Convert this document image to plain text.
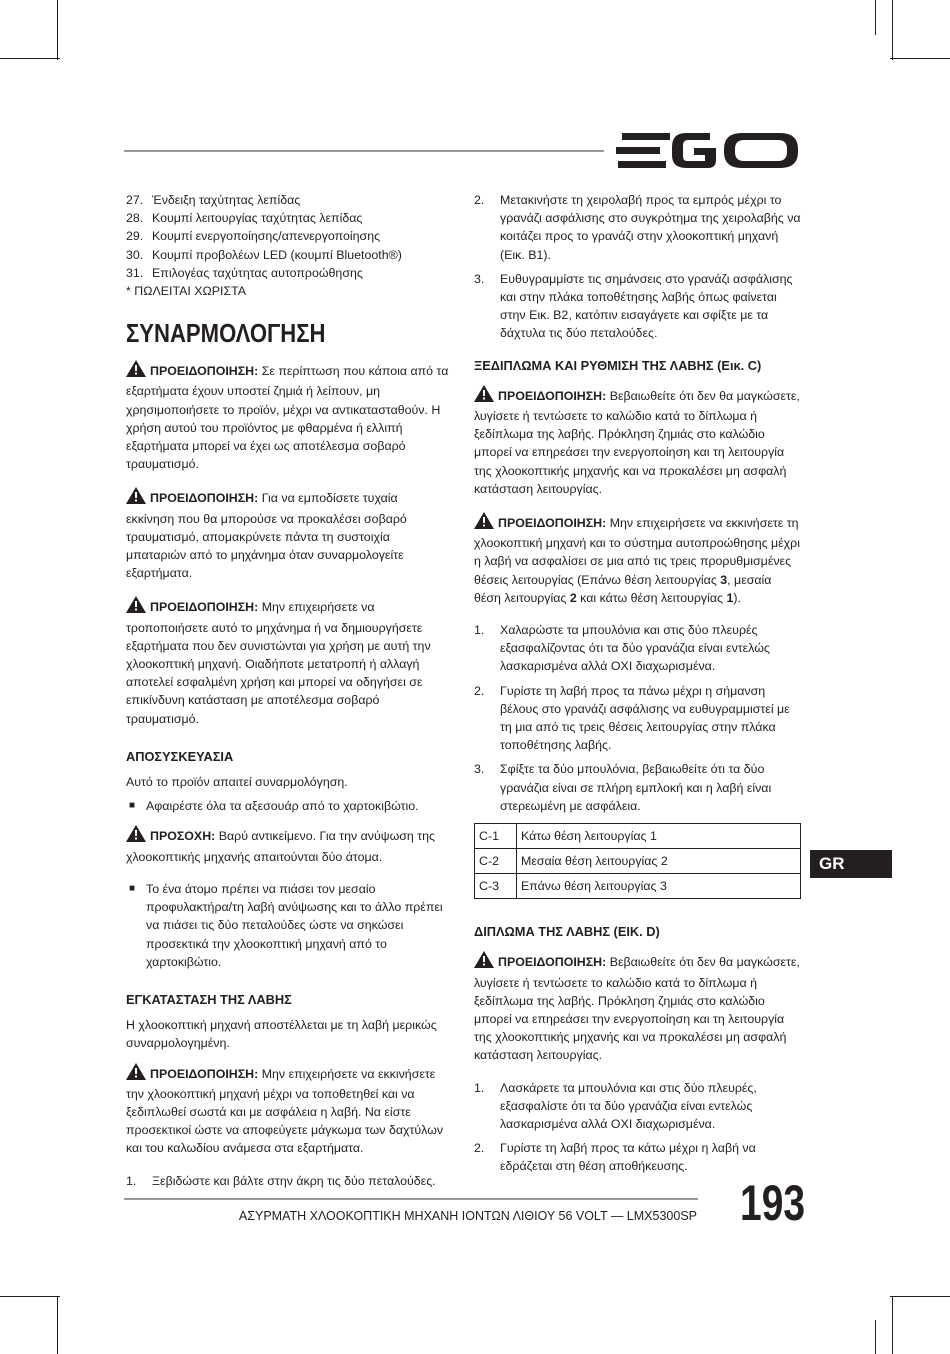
27. Ένδειξη ταχύτητας λεπίδας
28. Κουμπί λειτουργίας ταχύτητας λεπίδας
29. Κουμπί ενεργοποίησης/απενεργοποίησης
30. Κουμπί προβολέων LED (κουμπί Bluetooth®)
31. Επιλογέας ταχύτητας αυτοπροώθησης

* ΠΩΛΕΙΤΑΙ ΧΩΡΙΣΤΑ

ΣΥΝΑΡΜΟΛΟΓΗΣΗ

ΠΡΟΕΙΔΟΠΟΙΗΣΗ: Σε περίπτωση που κάποια από τα εξαρτήματα έχουν υποστεί ζημιά ή λείπουν, μη χρησιμοποιήσετε το προϊόν, μέχρι να αντικατασταθούν. Η χρήση αυτού του προϊόντος με φθαρμένα ή ελλιπή εξαρτήματα μπορεί να έχει ως αποτέλεσμα σοβαρό τραυματισμό.

ΠΡΟΕΙΔΟΠΟΙΗΣΗ: Για να εμποδίσετε τυχαία εκκίνηση που θα μπορούσε να προκαλέσει σοβαρό τραυματισμό, απομακρύνετε πάντα τη συστοιχία μπαταριών από το μηχάνημα όταν συναρμολογείτε εξαρτήματα.

ΠΡΟΕΙΔΟΠΟΙΗΣΗ: Μην επιχειρήσετε να τροποποιήσετε αυτό το μηχάνημα ή να δημιουργήσετε εξαρτήματα που δεν συνιστώνται για χρήση με αυτή την χλοοκοπτική μηχανή. Οιαδήποτε μετατροπή ή αλλαγή αποτελεί εσφαλμένη χρήση και μπορεί να οδηγήσει σε επικίνδυνη κατάσταση με αποτέλεσμα σοβαρό τραυματισμό.

ΑΠΟΣΥΣΚΕΥΑΣΙΑ

Αυτό το προϊόν απαιτεί συναρμολόγηση.

■ Αφαιρέστε όλα τα αξεσουάρ από το χαρτοκιβώτιο.

ΠΡΟΣΟΧΗ: Βαρύ αντικείμενο. Για την ανύψωση της χλοοκοπτικής μηχανής απαιτούνται δύο άτομα.

■ Το ένα άτομο πρέπει να πιάσει τον μεσαίο προφυλακτήρα/τη λαβή ανύψωσης και το άλλο πρέπει να πιάσει τις δύο πεταλούδες ώστε να σηκώσει προσεκτικά την χλοοκοπτική μηχανή από το χαρτοκιβώτιο.
ΕΓΚΑΤΑΣΤΑΣΗ ΤΗΣ ΛΑΒΗΣ

Η χλοοκοπτική μηχανή αποστέλλεται με τη λαβή μερικώς συναρμολογημένη.

ΠΡΟΕΙΔΟΠΟΙΗΣΗ: Μην επιχειρήσετε να εκκινήσετε την χλοοκοπτική μηχανή μέχρι να τοποθετηθεί και να ξεδιπλωθεί σωστά και με ασφάλεια η λαβή. Να είστε προσεκτικοί ώστε να αποφεύγετε μάγκωμα των δαχτύλων και του καλωδίου ανάμεσα στα εξαρτήματα.

1.	Ξεβιδώστε και βάλτε στην άκρη τις δύο πεταλούδες.
2.	Μετακινήστε τη χειρολαβή προς τα εμπρός μέχρι το γρανάζι ασφάλισης στο συγκρότημα της χειρολαβής να κοιτάζει προς το γρανάζι στην χλοοκοπτική μηχανή (Εικ. B1).
3.	Ευθυγραμμίστε τις σημάνσεις στο γρανάζι ασφάλισης και στην πλάκα τοποθέτησης λαβής όπως φαίνεται στην Εικ. B2, κατόπιν εισαγάγετε και σφίξτε με τα δάχτυλα τις δύο πεταλούδες.
ΞΕΔΙΠΛΩΜΑ ΚΑΙ ΡΥΘΜΙΣΗ ΤΗΣ ΛΑΒΗΣ (Εικ. C)

ΠΡΟΕΙΔΟΠΟΙΗΣΗ: Βεβαιωθείτε ότι δεν θα μαγκώσετε, λυγίσετε ή τεντώσετε το καλώδιο κατά το δίπλωμα ή ξεδίπλωμα της λαβής. Πρόκληση ζημιάς στο καλώδιο μπορεί να επηρεάσει την ενεργοποίηση και τη λειτουργία της χλοοκοπτικής μηχανής και να προκαλέσει μη ασφαλή κατάσταση λειτουργίας.

ΠΡΟΕΙΔΟΠΟΙΗΣΗ: Μην επιχειρήσετε να εκκινήσετε τη χλοοκοπτική μηχανή και το σύστημα αυτοπροώθησης μέχρι η λαβή να ασφαλίσει σε μια από τις τρεις προρυθμισμένες θέσεις λειτουργίας (Επάνω θέση λειτουργίας 3, μεσαία θέση λειτουργίας 2 και κάτω θέση λειτουργίας 1).

1.	Χαλαρώστε τα μπουλόνια και στις δύο πλευρές εξασφαλίζοντας ότι τα δύο γρανάζια είναι εντελώς λασκαρισμένα αλλά ΟΧΙ διαχωρισμένα.
2.	Γυρίστε τη λαβή προς τα πάνω μέχρι η σήμανση βέλους στο γρανάζι ασφάλισης να ευθυγραμμιστεί με τη μια από τις τρεις θέσεις λειτουργίας στην πλάκα τοποθέτησης λαβής.
3.	Σφίξτε τα δύο μπουλόνια, βεβαιωθείτε ότι τα δύο γρανάζια είναι σε πλήρη εμπλοκή και η λαβή είναι στερεωμένη με ασφάλεια.
C-1	Κάτω θέση λειτουργίας 1
C-2	Μεσαία θέση λειτουργίας 2
C-3	Επάνω θέση λειτουργίας 3
ΔΙΠΛΩΜΑ ΤΗΣ ΛΑΒΗΣ (ΕΙΚ. D)

ΠΡΟΕΙΔΟΠΟΙΗΣΗ: Βεβαιωθείτε ότι δεν θα μαγκώσετε, λυγίσετε ή τεντώσετε το καλώδιο κατά το δίπλωμα ή ξεδίπλωμα της λαβής. Πρόκληση ζημιάς στο καλώδιο μπορεί να επηρεάσει την ενεργοποίηση και τη λειτουργία της χλοοκοπτικής μηχανής και να προκαλέσει μη ασφαλή κατάσταση λειτουργίας.

1.	Λασκάρετε τα μπουλόνια και στις δύο πλευρές, εξασφαλίστε ότι τα δύο γρανάζια είναι εντελώς λασκαρισμένα αλλά ΟΧΙ διαχωρισμένα.
2.	Γυρίστε τη λαβή προς τα κάτω μέχρι η λαβή να εδράζεται στη θέση αποθήκευσης.
GR
ΑΣΥΡΜΑΤΗ ΧΛΟΟΚΟΠΤΙΚΗ ΜΗΧΑΝΗ ΙΟΝΤΩΝ ΛΙΘΙΟΥ 56 VOLT — LMX5300SP 193
